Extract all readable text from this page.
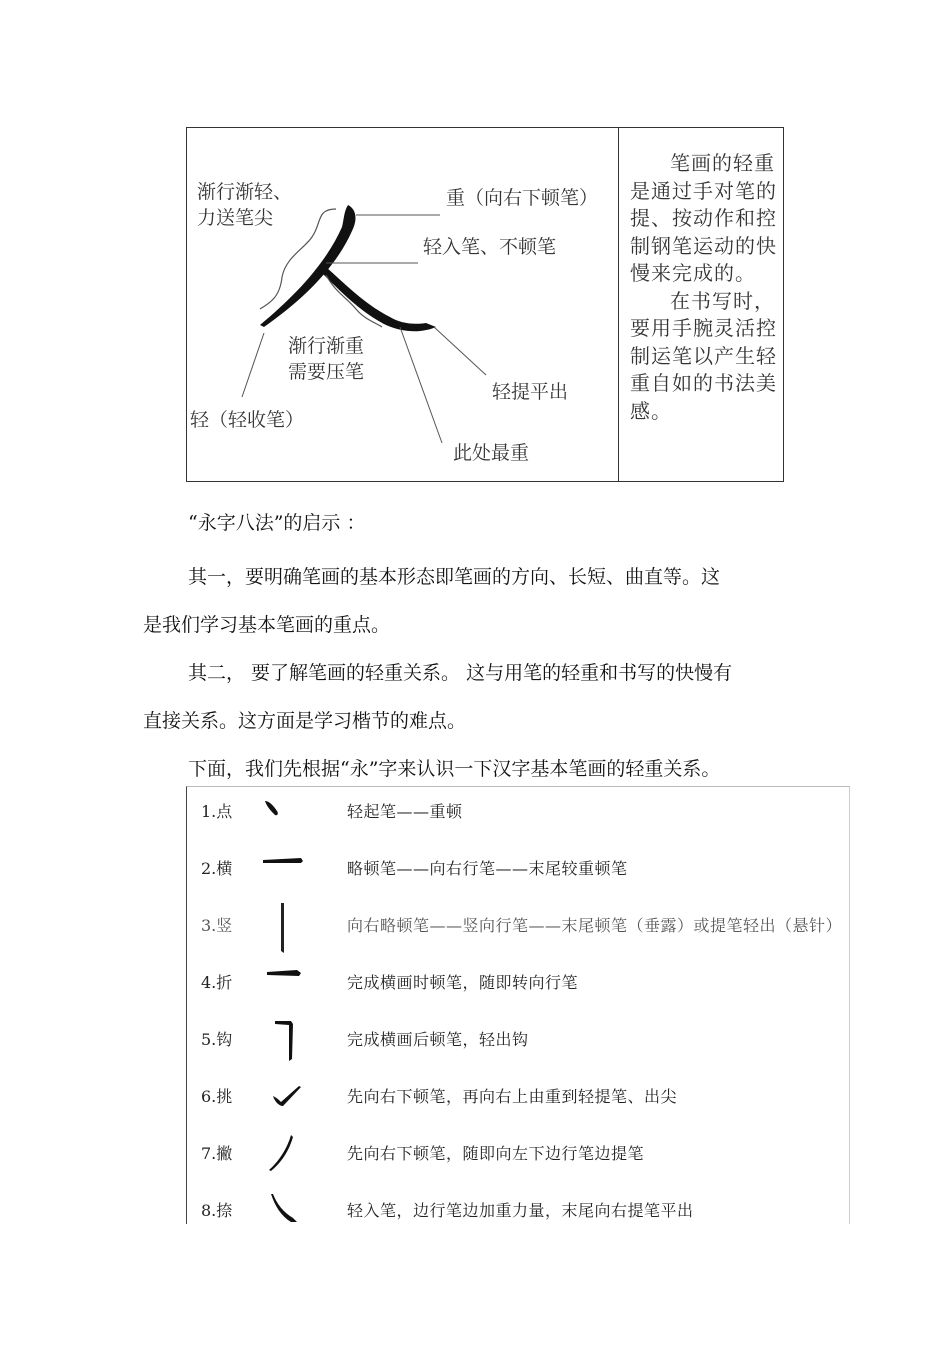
渐行渐轻、
力送笔尖
重（向右下顿笔）
轻入笔、不顿笔
渐行渐重
需要压笔
轻提平出
轻（轻收笔）
此处最重

笔画的轻重是通过手对笔的提、按动作和控制钢笔运动的快慢来完成的。

在书写时，要用手腕灵活控制运笔以产生轻重自如的书法美感。

“永字八法”的启示 ：
其一，要明确笔画的基本形态即笔画的方向、长短、曲直等。这
是我们学习基本笔画的重点。
其二， 要了解笔画的轻重关系。 这与用笔的轻重和书写的快慢有
直接关系。这方面是学习楷节的难点。
下面，我们先根据“永”字来认识一下汉字基本笔画的轻重关系。
1.点	轻起笔——重顿
2.横	略顿笔——向右行笔——末尾较重顿笔
3.竖	向右略顿笔——竖向行笔——末尾顿笔（垂露）或提笔轻出（悬针）
4.折	完成横画时顿笔，随即转向行笔
5.钩	完成横画后顿笔，轻出钩
6.挑	先向右下顿笔，再向右上由重到轻提笔、出尖
7.撇	先向右下顿笔，随即向左下边行笔边提笔
8.捺	轻入笔，边行笔边加重力量，末尾向右提笔平出
